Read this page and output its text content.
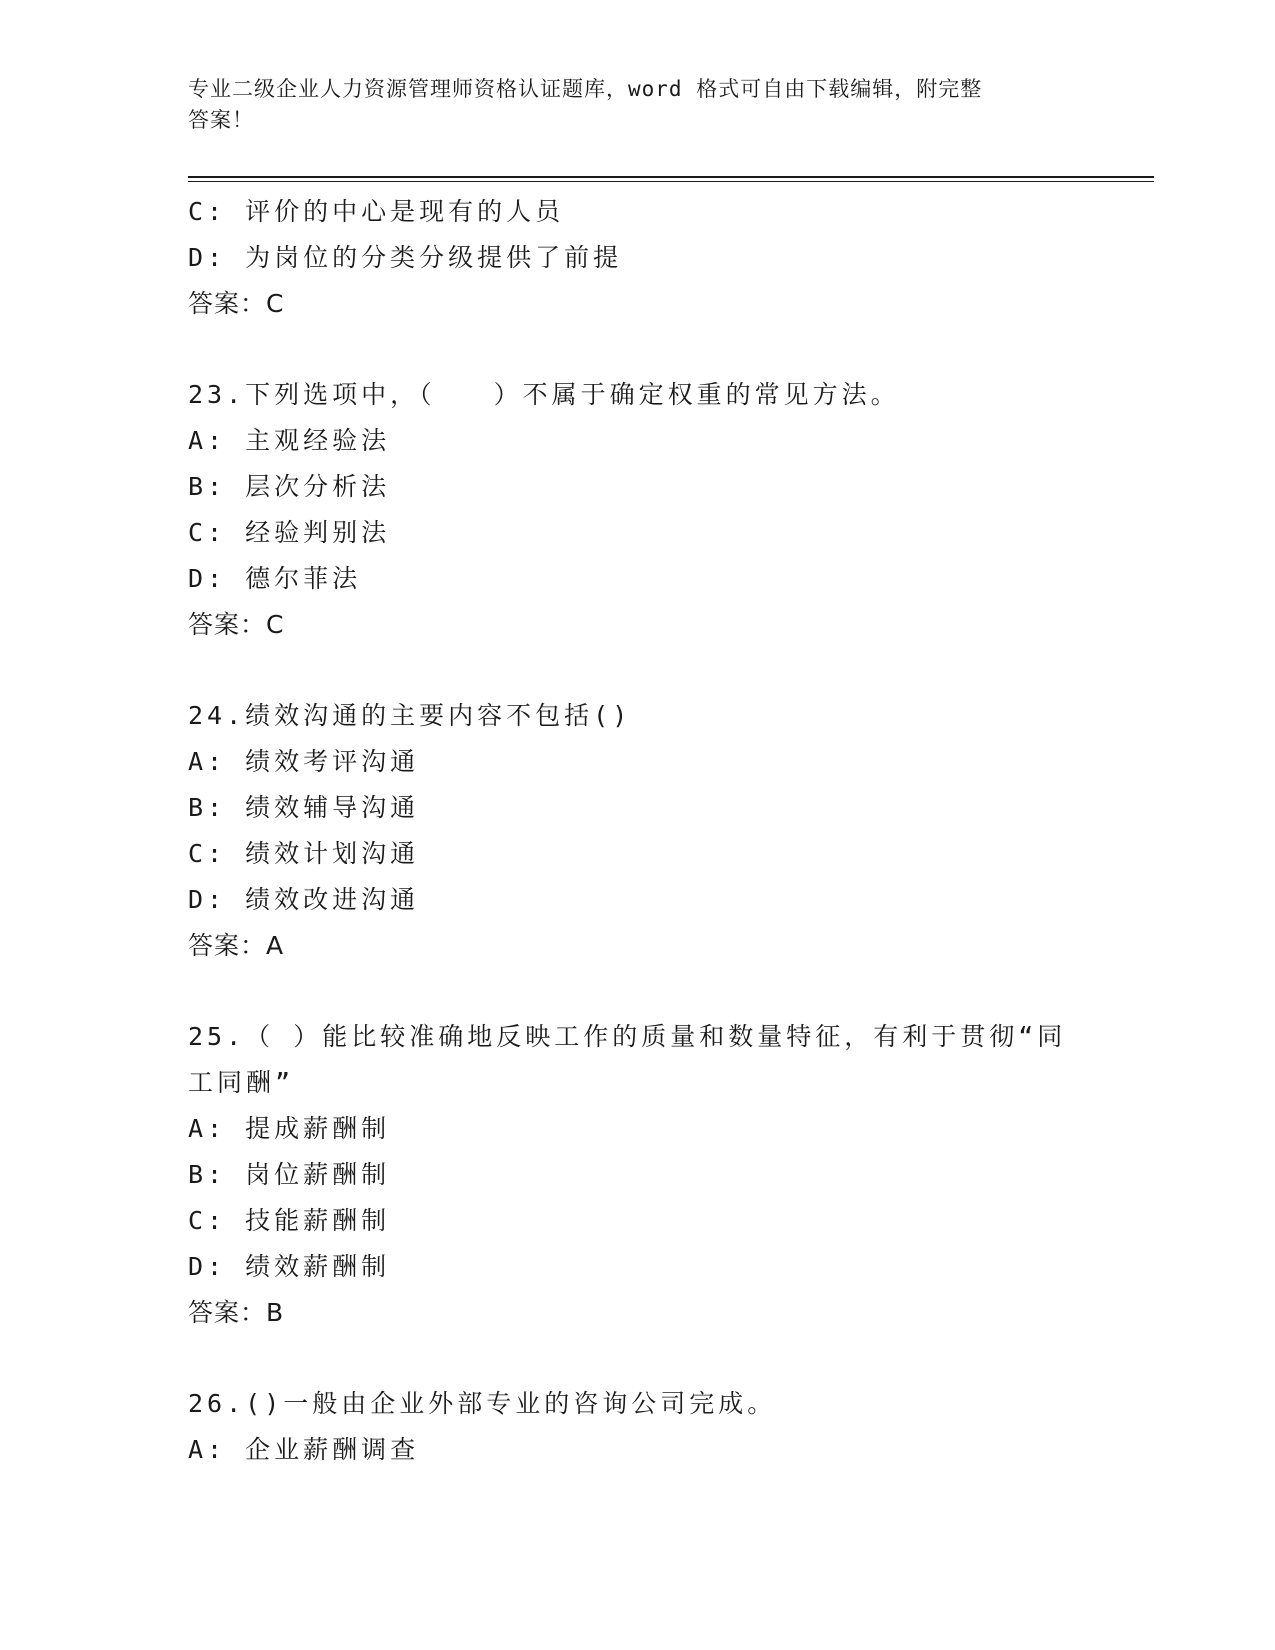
专业二级企业人力资源管理师资格认证题库，word 格式可自由下载编辑，附完整
答案！
C: 评价的中心是现有的人员
D: 为岗位的分类分级提供了前提
答案：C
23.下列选项中，（　　）不属于确定权重的常见方法。
A: 主观经验法
B: 层次分析法
C: 经验判别法
D: 德尔菲法
答案：C
24.绩效沟通的主要内容不包括()
A: 绩效考评沟通
B: 绩效辅导沟通
C: 绩效计划沟通
D: 绩效改进沟通
答案：A
25.（ ）能比较准确地反映工作的质量和数量特征，有利于贯彻“同
工同酬”
A: 提成薪酬制
B: 岗位薪酬制
C: 技能薪酬制
D: 绩效薪酬制
答案：B
26.()一般由企业外部专业的咨询公司完成。
A: 企业薪酬调查
